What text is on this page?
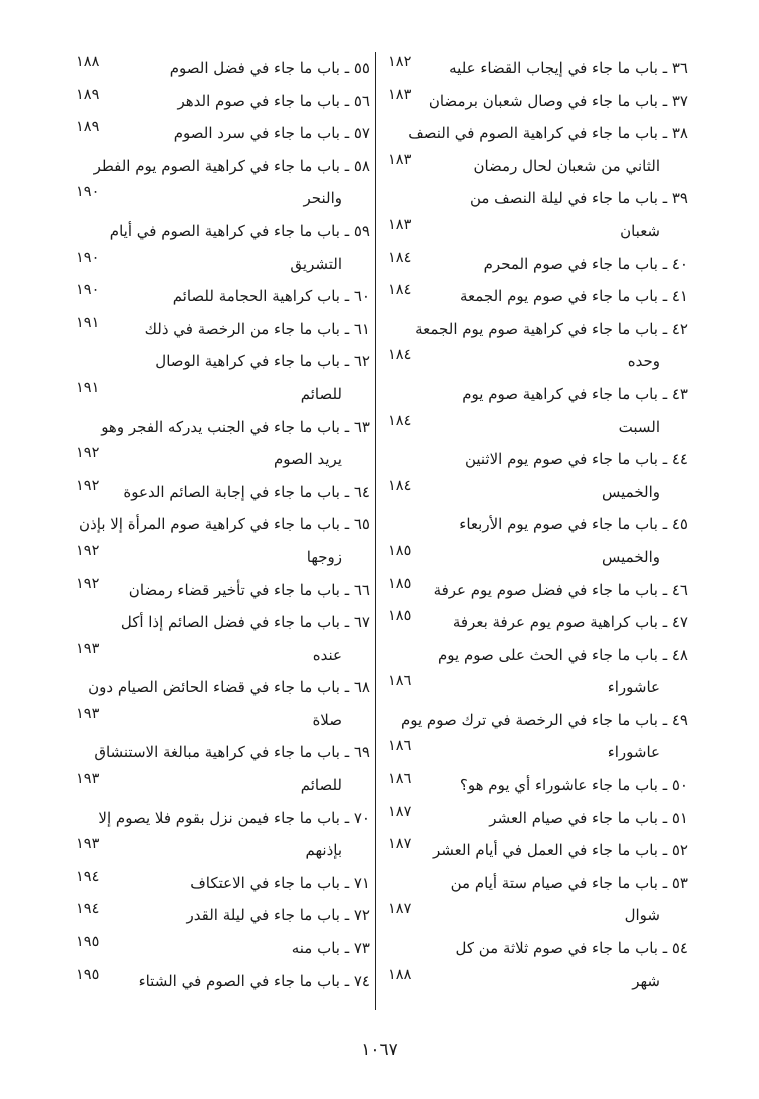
٣٦ ـ باب ما جاء في إيجاب القضاء عليه
١٨٢
٣٧ ـ باب ما جاء في وصال شعبان برمضان
١٨٣
٣٨ ـ باب ما جاء في كراهية الصوم في النصف
الثاني من شعبان لحال رمضان
١٨٣
٣٩ ـ باب ما جاء في ليلة النصف من
شعبان
١٨٣
٤٠ ـ باب ما جاء في صوم المحرم
١٨٤
٤١ ـ باب ما جاء في صوم يوم الجمعة
١٨٤
٤٢ ـ باب ما جاء في كراهية صوم يوم الجمعة
وحده
١٨٤
٤٣ ـ باب ما جاء في كراهية صوم يوم
السبت
١٨٤
٤٤ ـ باب ما جاء في صوم يوم الاثنين
والخميس
١٨٤
٤٥ ـ باب ما جاء في صوم يوم الأربعاء
والخميس
١٨٥
٤٦ ـ باب ما جاء في فضل صوم يوم عرفة
١٨٥
٤٧ ـ باب كراهية صوم يوم عرفة بعرفة
١٨٥
٤٨ ـ باب ما جاء في الحث على صوم يوم
عاشوراء
١٨٦
٤٩ ـ باب ما جاء في الرخصة في ترك صوم يوم
عاشوراء
١٨٦
٥٠ ـ باب ما جاء عاشوراء أي يوم هو؟
١٨٦
٥١ ـ باب ما جاء في صيام العشر
١٨٧
٥٢ ـ باب ما جاء في العمل في أيام العشر
١٨٧
٥٣ ـ باب ما جاء في صيام ستة أيام من
شوال
١٨٧
٥٤ ـ باب ما جاء في صوم ثلاثة من كل
شهر
١٨٨
٥٥ ـ باب ما جاء في فضل الصوم
١٨٨
٥٦ ـ باب ما جاء في صوم الدهر
١٨٩
٥٧ ـ باب ما جاء في سرد الصوم
١٨٩
٥٨ ـ باب ما جاء في كراهية الصوم يوم الفطر
والنحر
١٩٠
٥٩ ـ باب ما جاء في كراهية الصوم في أيام
التشريق
١٩٠
٦٠ ـ باب كراهية الحجامة للصائم
١٩٠
٦١ ـ باب ما جاء من الرخصة في ذلك
١٩١
٦٢ ـ باب ما جاء في كراهية الوصال
للصائم
١٩١
٦٣ ـ باب ما جاء في الجنب يدركه الفجر وهو
يريد الصوم
١٩٢
٦٤ ـ باب ما جاء في إجابة الصائم الدعوة
١٩٢
٦٥ ـ باب ما جاء في كراهية صوم المرأة إلا بإذن
زوجها
١٩٢
٦٦ ـ باب ما جاء في تأخير قضاء رمضان
١٩٢
٦٧ ـ باب ما جاء في فضل الصائم إذا أكل
عنده
١٩٣
٦٨ ـ باب ما جاء في قضاء الحائض الصيام دون
صلاة
١٩٣
٦٩ ـ باب ما جاء في كراهية مبالغة الاستنشاق
للصائم
١٩٣
٧٠ ـ باب ما جاء فيمن نزل بقوم فلا يصوم إلا
بإذنهم
١٩٣
٧١ ـ باب ما جاء في الاعتكاف
١٩٤
٧٢ ـ باب ما جاء في ليلة القدر
١٩٤
٧٣ ـ باب منه
١٩٥
٧٤ ـ باب ما جاء في الصوم في الشتاء
١٩٥
١٠٦٧
